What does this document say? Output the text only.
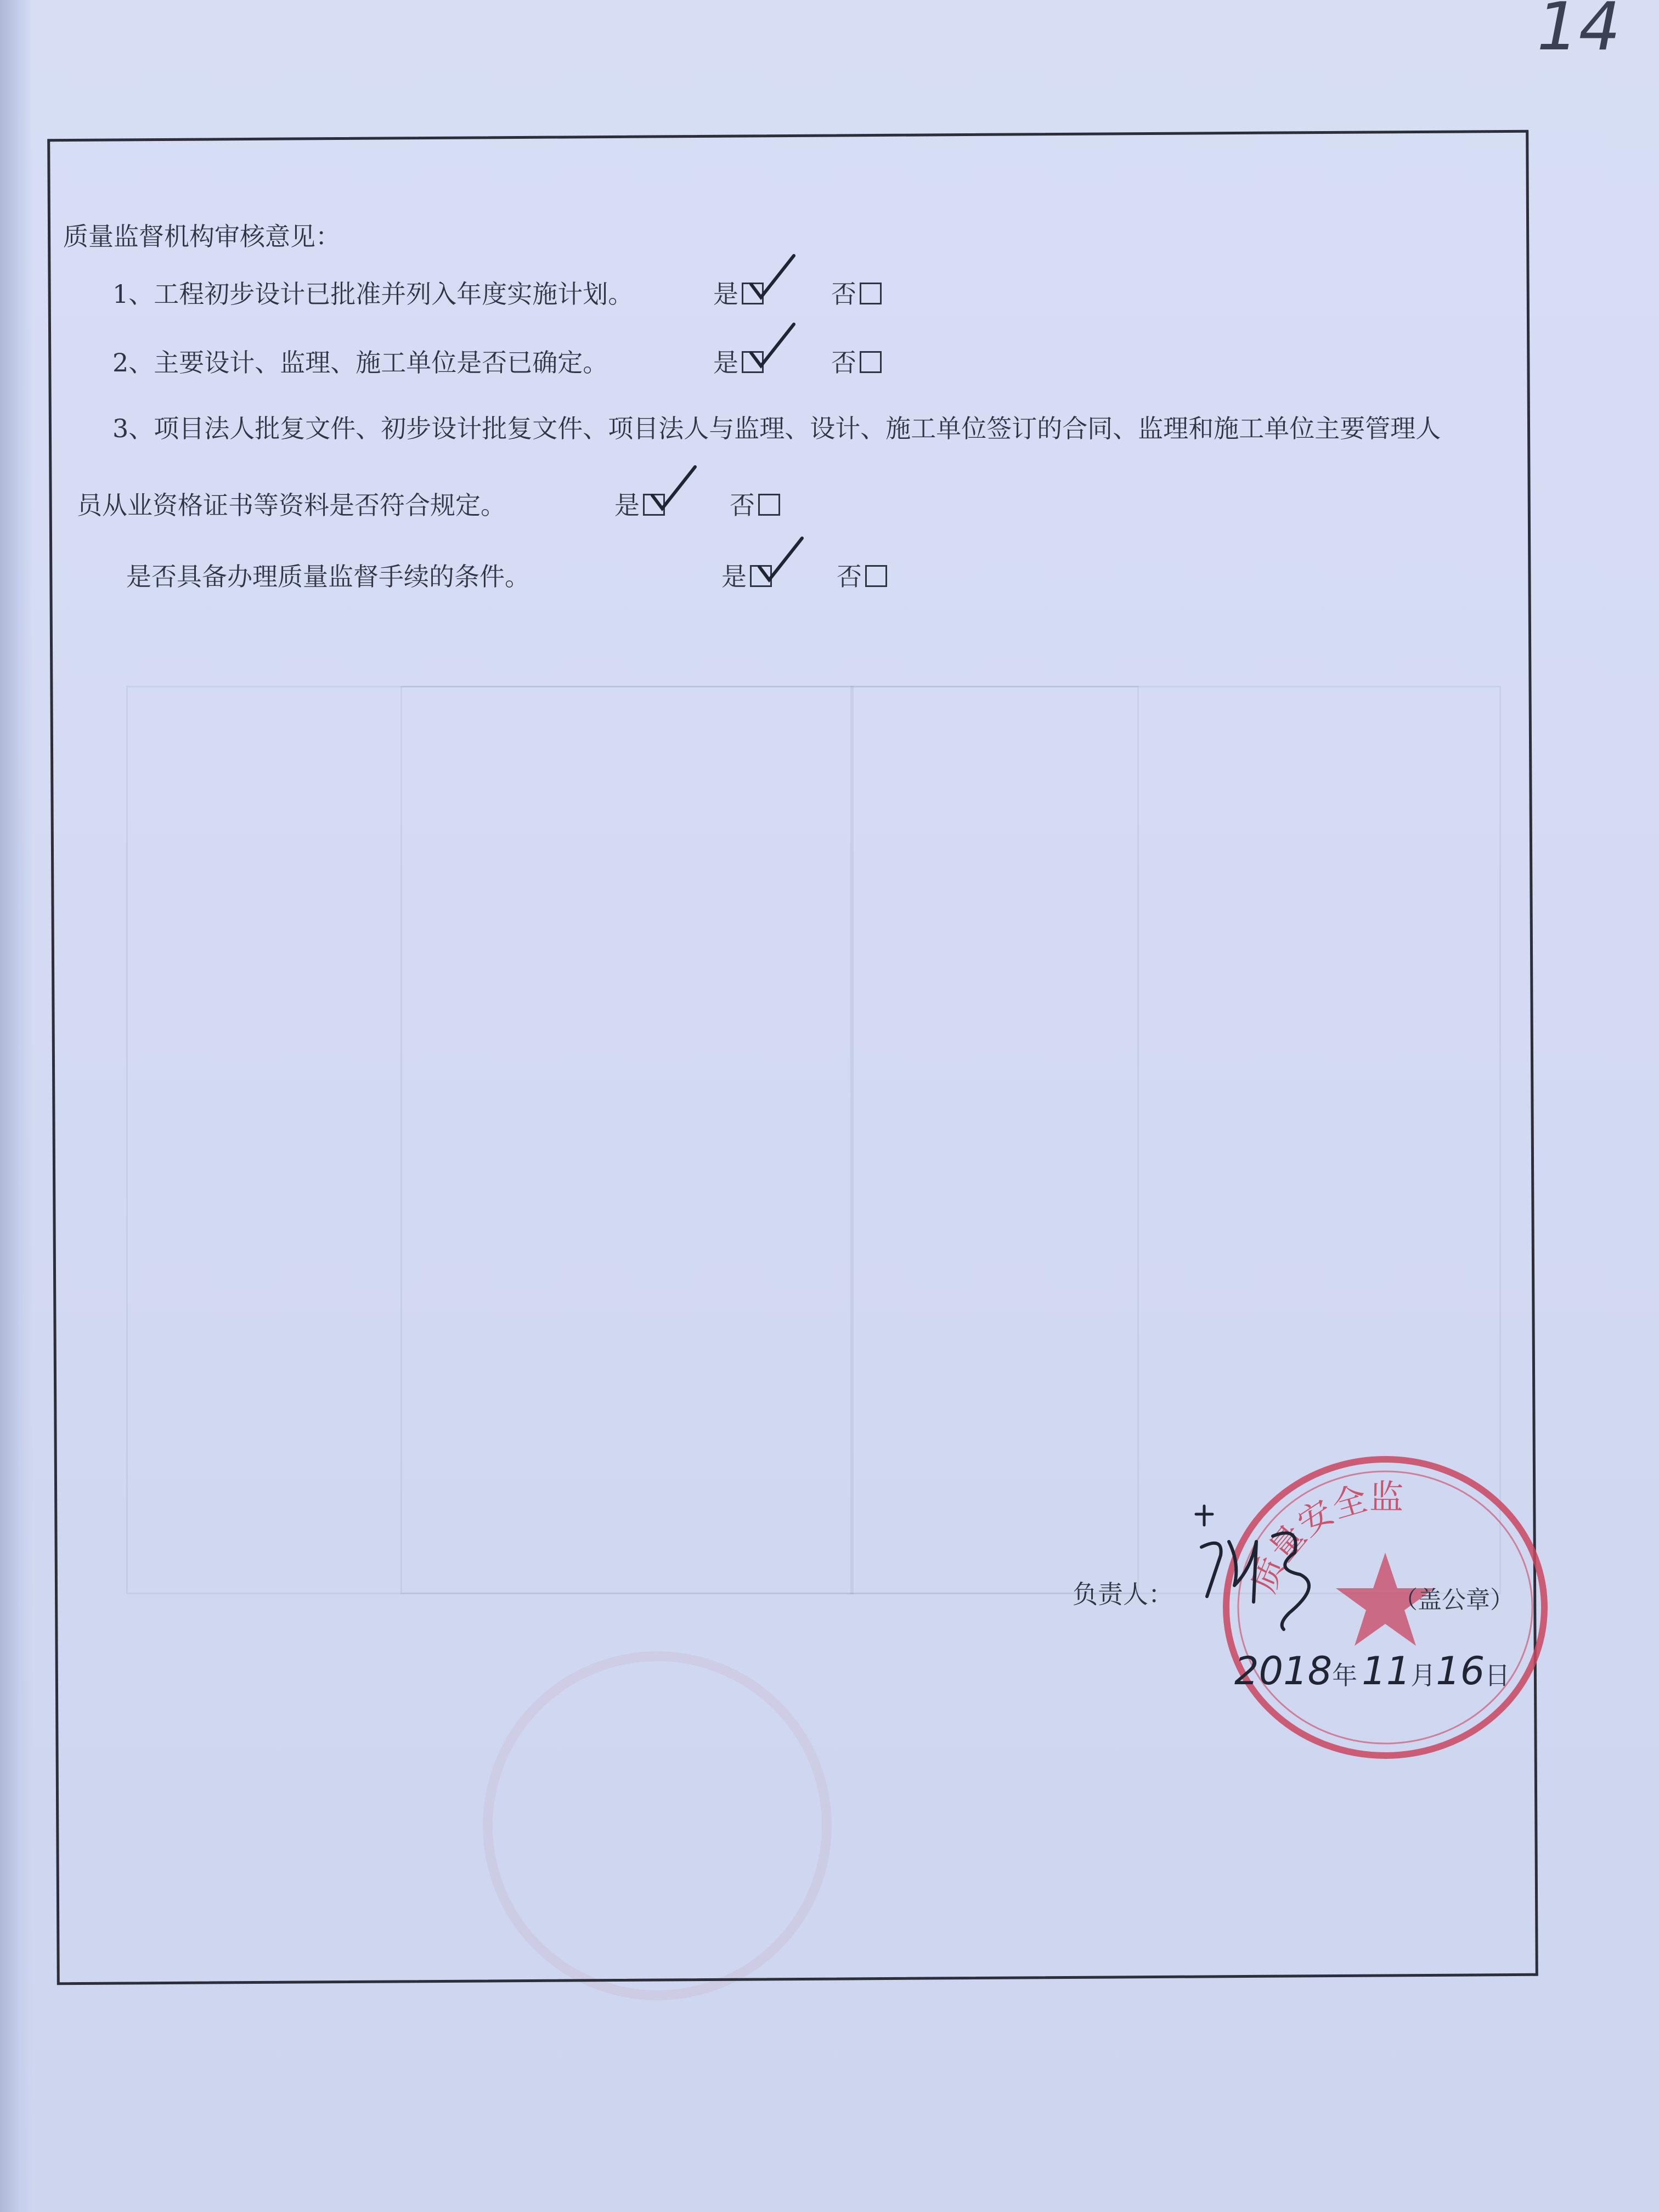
14
质量监督机构审核意见：
1、工程初步设计已批准并列入年度实施计划。	是	否
2、主要设计、监理、施工单位是否已确定。	是	否
3、项目法人批复文件、初步设计批复文件、项目法人与监理、设计、施工单位签订的合同、监理和施工单位主要管理人
员从业资格证书等资料是否符合规定。	是	否
是否具备办理质量监督手续的条件。	是	否
质量安全监
负责人：	（盖公章）
2018年 11月16日
